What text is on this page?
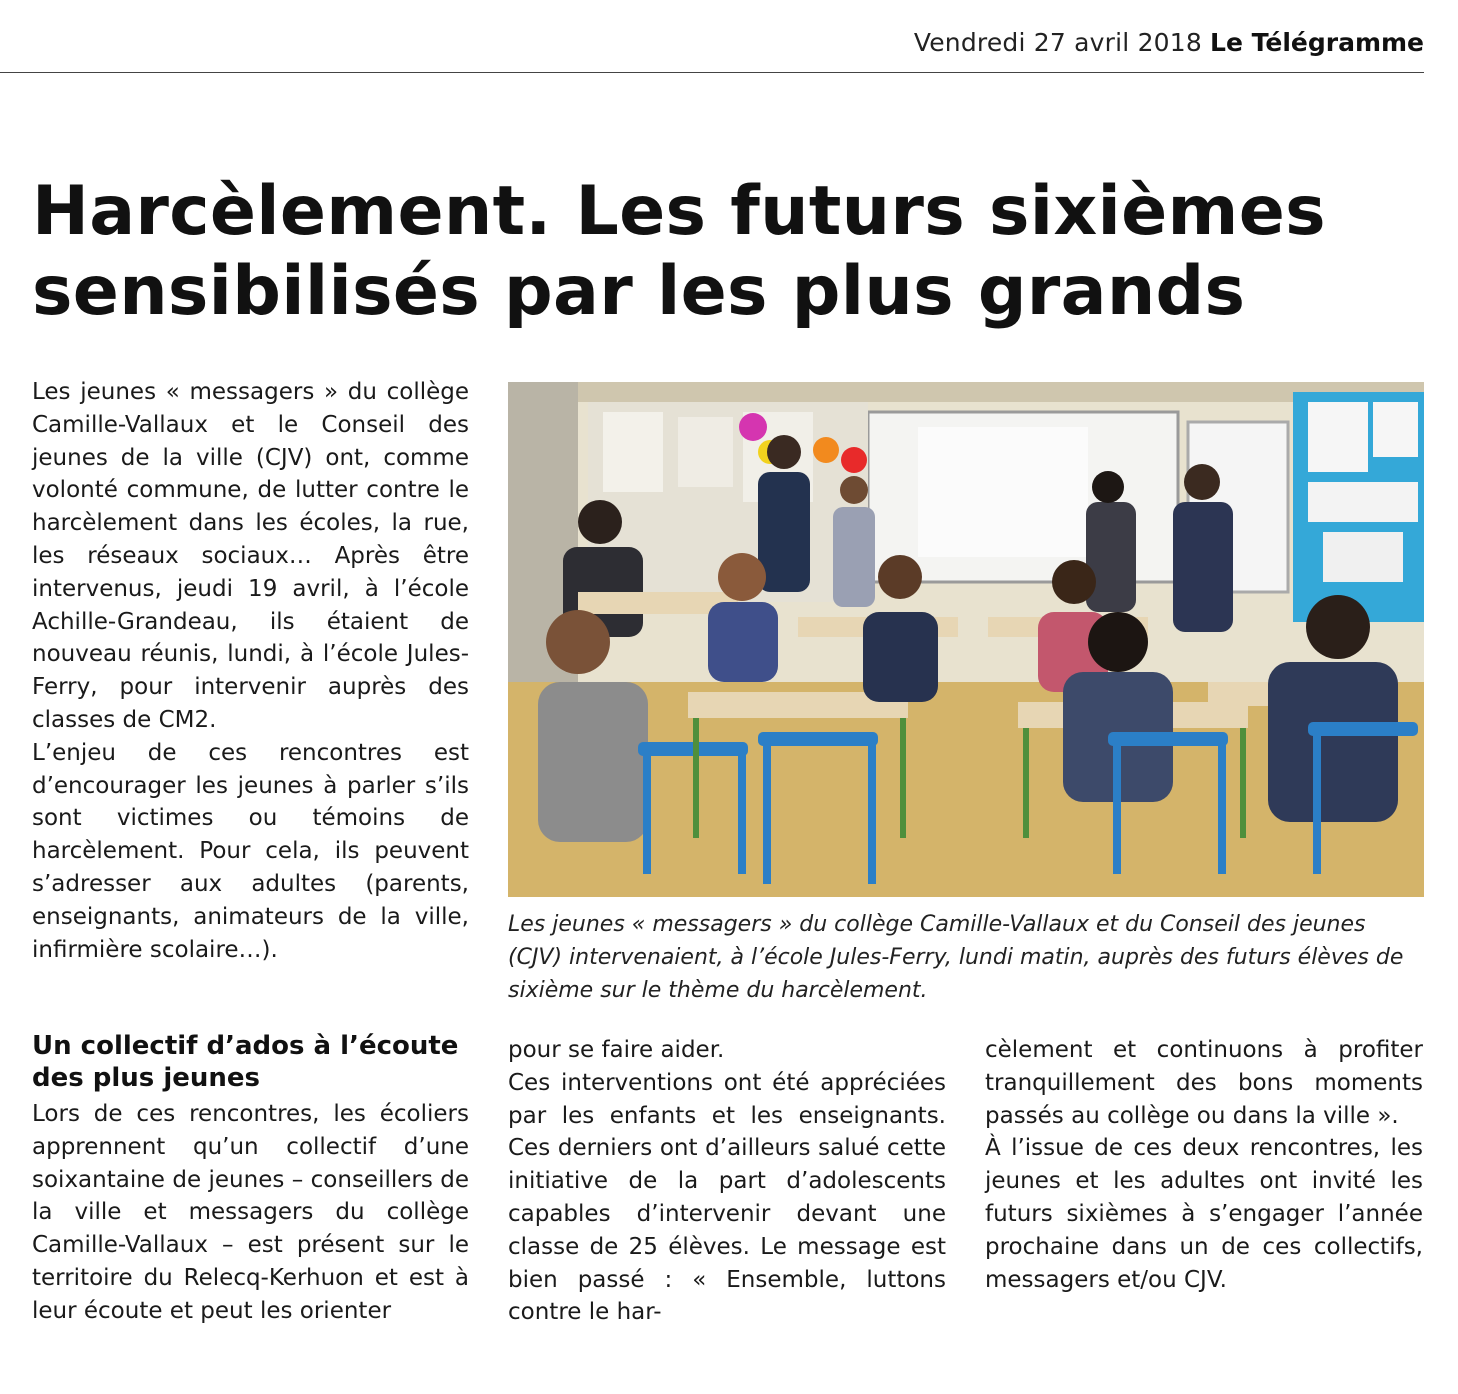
Vendredi 27 avril 2018 Le Télégramme
Harcèlement. Les futurs sixièmes
sensibilisés par les plus grands

Les jeunes « messagers » du collège Camille-Vallaux et le Conseil des jeunes de la ville (CJV) ont, comme volonté commune, de lutter contre le harcèlement dans les écoles, la rue, les réseaux sociaux… Après être intervenus, jeudi 19 avril, à l’école Achille-Grandeau, ils étaient de nouveau réunis, lundi, à l’école Jules-Ferry, pour intervenir auprès des classes de CM2.

L’enjeu de ces rencontres est d’encourager les jeunes à parler s’ils sont victimes ou témoins de harcèlement. Pour cela, ils peuvent s’adresser aux adultes (parents, enseignants, animateurs de la ville, infirmière scolaire…).

Les jeunes « messagers » du collège Camille-Vallaux et du Conseil des jeunes (CJV) intervenaient, à l’école Jules-Ferry, lundi matin, auprès des futurs élèves de sixième sur le thème du harcèlement.

Un collectif d’ados à l’écoute des plus jeunes

Lors de ces rencontres, les écoliers apprennent qu’un collectif d’une soixantaine de jeunes – conseillers de la ville et messagers du collège Camille-Vallaux – est présent sur le territoire du Relecq-Kerhuon et est à leur écoute et peut les orienter

pour se faire aider.

Ces interventions ont été appréciées par les enfants et les enseignants. Ces derniers ont d’ailleurs salué cette initiative de la part d’adolescents capables d’intervenir devant une classe de 25 élèves. Le message est bien passé : « Ensemble, luttons contre le har-

cèlement et continuons à profiter tranquillement des bons moments passés au collège ou dans la ville ».

À l’issue de ces deux rencontres, les jeunes et les adultes ont invité les futurs sixièmes à s’engager l’année prochaine dans un de ces collectifs, messagers et/ou CJV.
